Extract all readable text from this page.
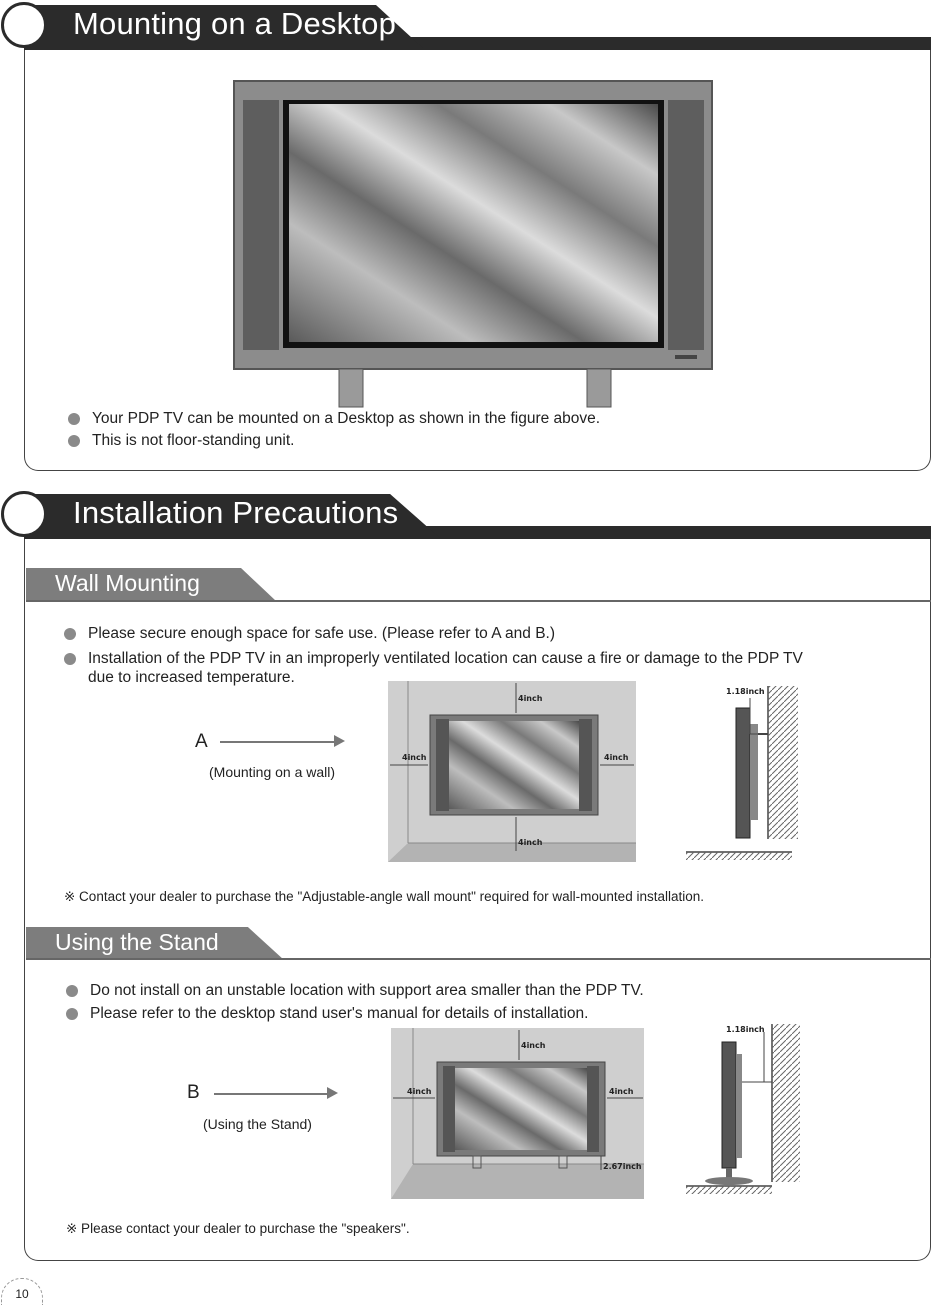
Mounting on a Desktop
Your PDP TV can be mounted on a Desktop as shown in the figure above.
This is not floor-standing unit.
Installation Precautions
Wall Mounting
Please secure enough space for safe use. (Please refer to A and B.)
Installation of the PDP TV in an improperly ventilated location can cause a fire or damage to the PDP TV
due to increased temperature.
A
(Mounting on a wall)
4inch
4inch	4inch
4inch
1.18inch
※ Contact your dealer to purchase the "Adjustable-angle wall mount" required for wall-mounted installation.
Using the Stand
Do not install on an unstable location with support area smaller than the PDP TV.
Please refer to the desktop stand user's manual for details of installation.
B
(Using the Stand)
4inch
4inch	4inch
2.67inch
1.18inch
※ Please contact your dealer to purchase the "speakers".
10
